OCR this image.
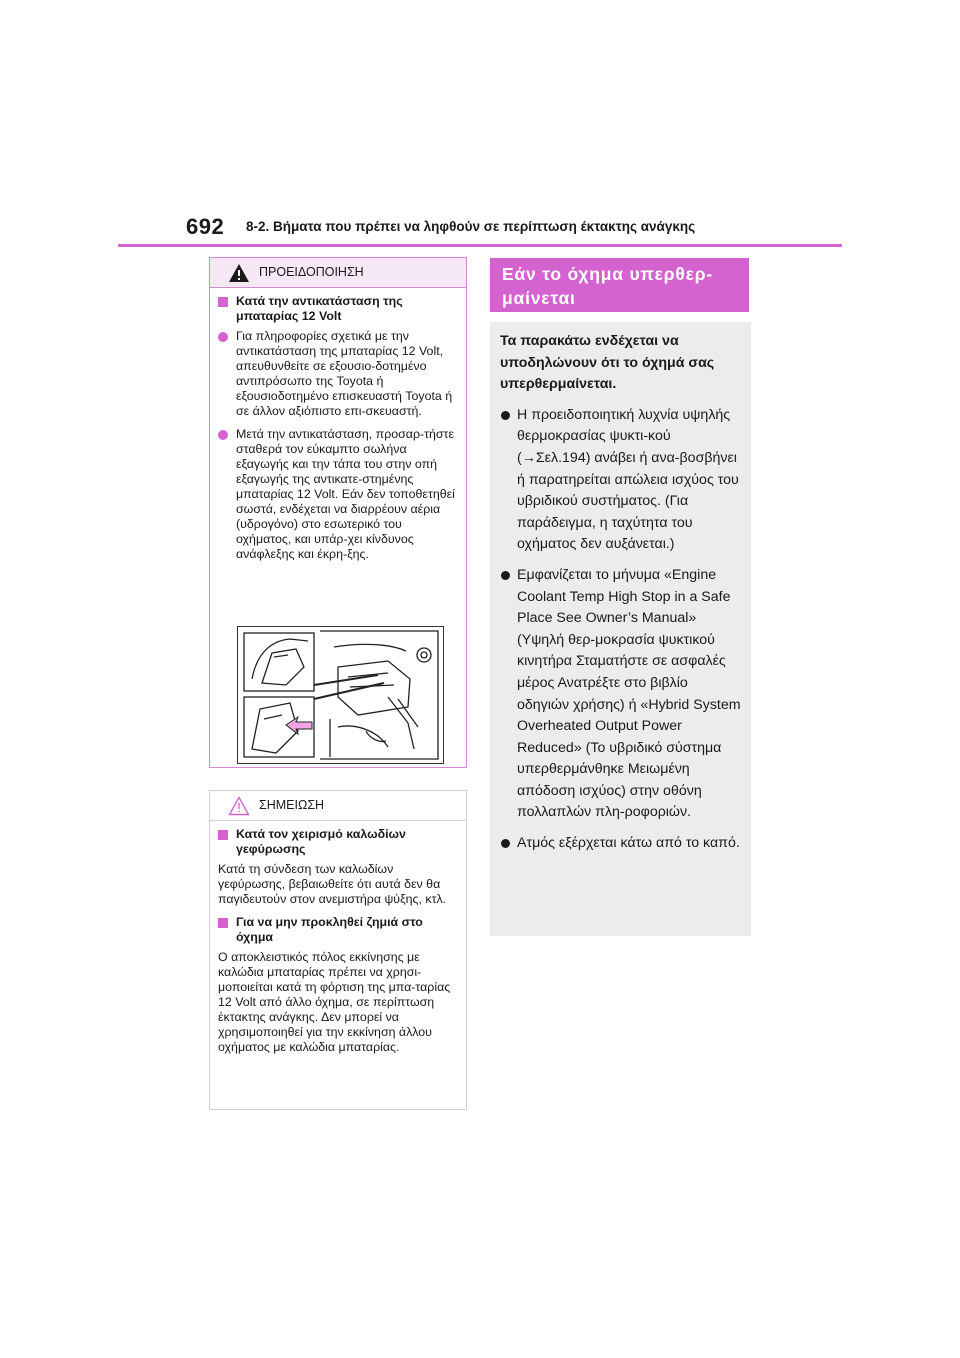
692 8-2. Βήματα που πρέπει να ληφθούν σε περίπτωση έκτακτης ανάγκης
ΠΡΟΕΙΔΟΠΟΙΗΣΗ
Κατά την αντικατάσταση της μπαταρίας 12 Volt
Για πληροφορίες σχετικά με την αντικατάσταση της μπαταρίας 12 Volt, απευθυνθείτε σε εξουσιο-δοτημένο αντιπρόσωπο της Toyota ή εξουσιοδοτημένο επισκευαστή Toyota ή σε άλλον αξιόπιστο επι-σκευαστή.
Μετά την αντικατάσταση, προσαρ-τήστε σταθερά τον εύκαμπτο σωλήνα εξαγωγής και την τάπα του στην οπή εξαγωγής της αντικατε-στημένης μπαταρίας 12 Volt. Εάν δεν τοποθετηθεί σωστά, ενδέχεται να διαρρέουν αέρια (υδρογόνο) στο εσωτερικό του οχήματος, και υπάρ-χει κίνδυνος ανάφλεξης και έκρη-ξης.
ΣΗΜΕΙΩΣΗ
Κατά τον χειρισμό καλωδίων γεφύρωσης
Κατά τη σύνδεση των καλωδίων γεφύρωσης, βεβαιωθείτε ότι αυτά δεν θα παγιδευτούν στον ανεμιστήρα ψύξης, κτλ.
Για να μην προκληθεί ζημιά στο όχημα
Ο αποκλειστικός πόλος εκκίνησης με καλώδια μπαταρίας πρέπει να χρησι-μοποιείται κατά τη φόρτιση της μπα-ταρίας 12 Volt από άλλο όχημα, σε περίπτωση έκτακτης ανάγκης. Δεν μπορεί να χρησιμοποιηθεί για την εκκίνηση άλλου οχήματος με καλώδια μπαταρίας.
Εάν το όχημα υπερθερ-μαίνεται
Τα παρακάτω ενδέχεται να υποδηλώνουν ότι το όχημά σας υπερθερμαίνεται.
Η προειδοποιητική λυχνία υψηλής θερμοκρασίας ψυκτι-κού (→Σελ.194) ανάβει ή ανα-βοσβήνει ή παρατηρείται απώλεια ισχύος του υβριδικού συστήματος. (Για παράδειγμα, η ταχύτητα του οχήματος δεν αυξάνεται.)
Εμφανίζεται το μήνυμα «Engine Coolant Temp High Stop in a Safe Place See Owner’s Manual» (Υψηλή θερ-μοκρασία ψυκτικού κινητήρα Σταματήστε σε ασφαλές μέρος Ανατρέξτε στο βιβλίο οδηγιών χρήσης) ή «Hybrid System Overheated Output Power Reduced» (Το υβριδικό σύστημα υπερθερμάνθηκε Μειωμένη απόδοση ισχύος) στην οθόνη πολλαπλών πλη-ροφοριών.
Ατμός εξέρχεται κάτω από το καπό.
